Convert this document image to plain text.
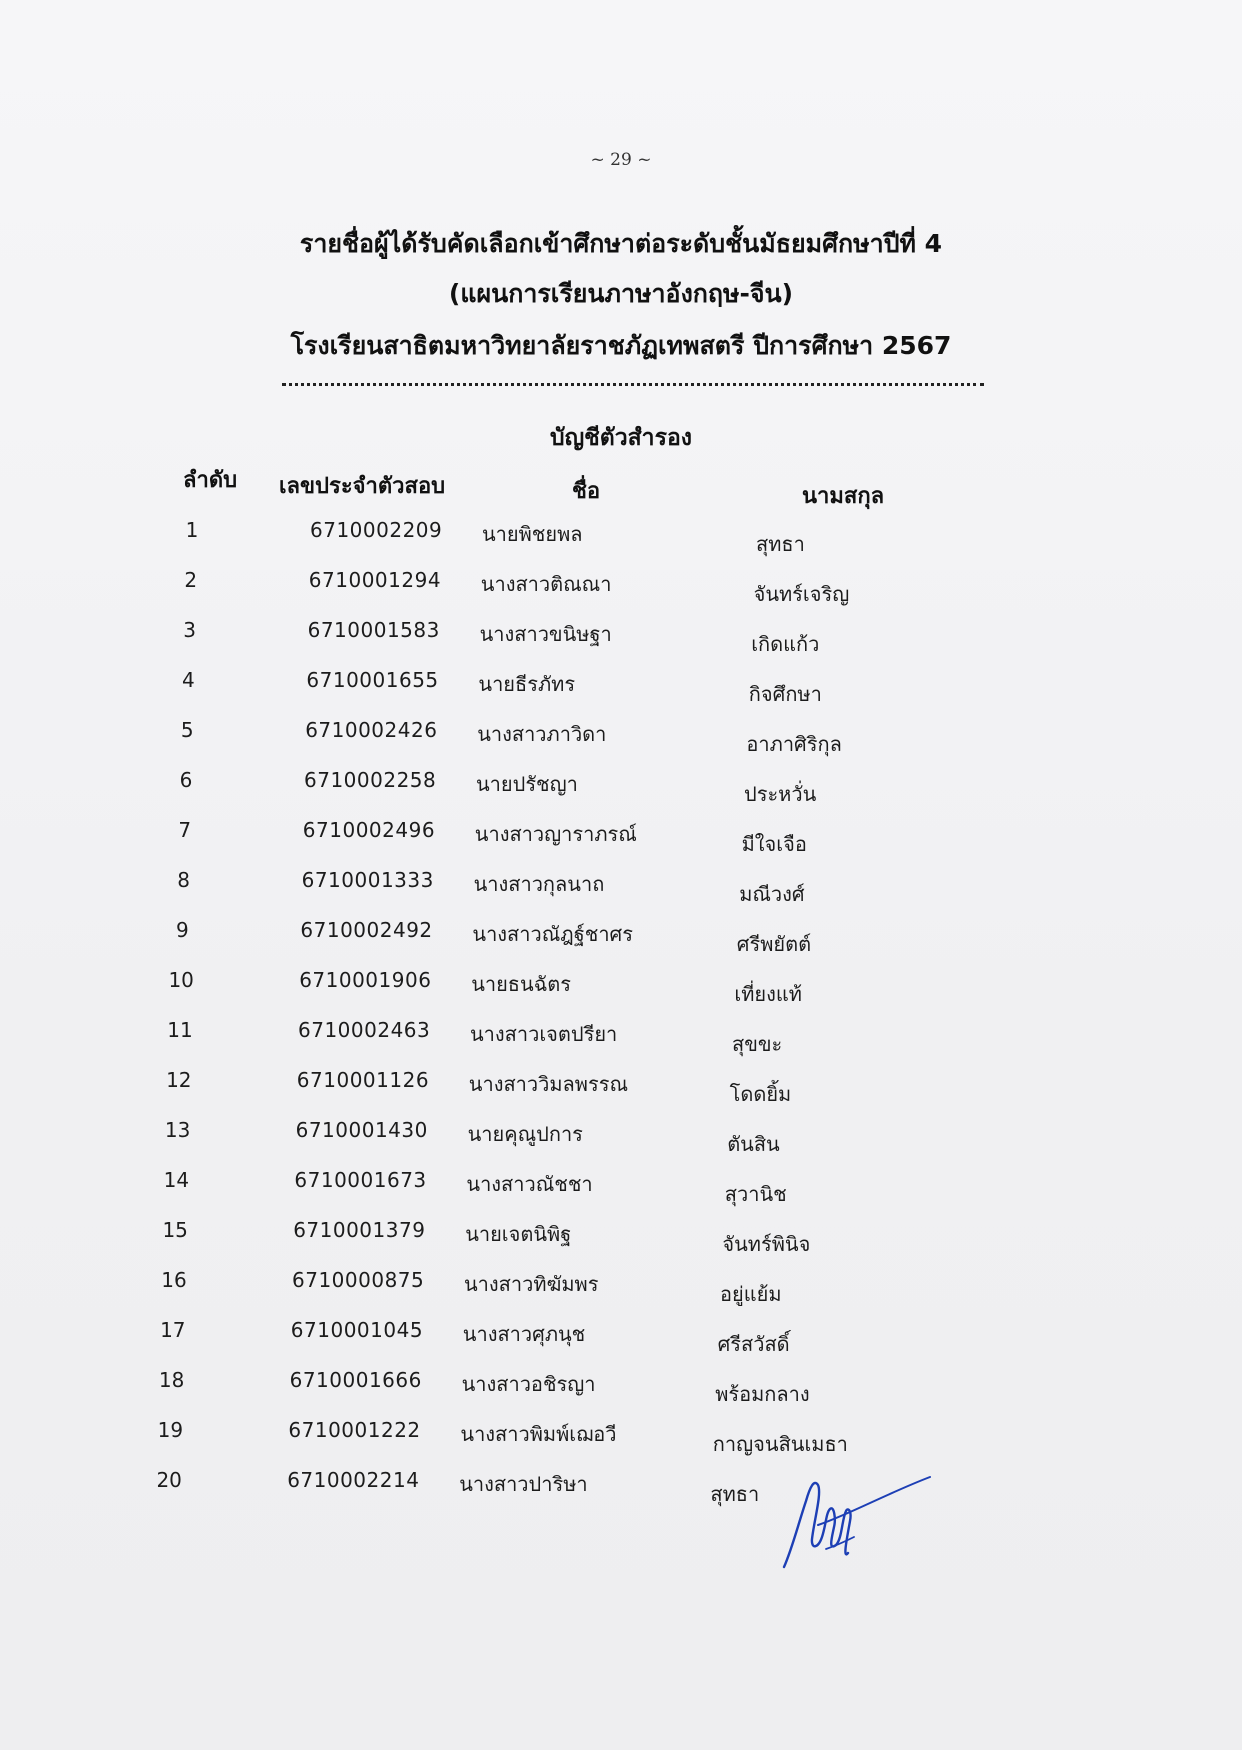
~ 29 ~
รายชื่อผู้ได้รับคัดเลือกเข้าศึกษาต่อระดับชั้นมัธยมศึกษาปีที่ 4
(แผนการเรียนภาษาอังกฤษ-จีน)
โรงเรียนสาธิตมหาวิทยาลัยราชภัฏเทพสตรี ปีการศึกษา 2567
บัญชีตัวสำรอง
ลำดับ เลขประจำตัวสอบ	ชื่อ	นามสกุล
1	6710002209 นายพิชยพล	สุทธา
2	6710001294 นางสาวติณณา	จันทร์เจริญ
3	6710001583 นางสาวขนิษฐา	เกิดแก้ว
4	6710001655 นายธีรภัทร	กิจศึกษา
5	6710002426 นางสาวภาวิดา	อาภาศิริกุล
6	6710002258 นายปรัชญา	ประหวั่น
7	6710002496 นางสาวญาราภรณ์	มีใจเจือ
8	6710001333 นางสาวกุลนาถ	มณีวงศ์
9	6710002492 นางสาวณัฎฐ์ชาศร	ศรีพยัตต์
10	6710001906 นายธนฉัตร	เที่ยงแท้
11	6710002463 นางสาวเจตปรียา	สุขขะ
12	6710001126 นางสาววิมลพรรณ	โดดยิ้ม
13	6710001430 นายคุณูปการ	ตันสิน
14	6710001673 นางสาวณัชชา	สุวานิช
15	6710001379 นายเจตนิพิฐ	จันทร์พินิจ
16	6710000875 นางสาวทิฆัมพร	อยู่แย้ม
17	6710001045 นางสาวศุภนุช	ศรีสวัสดิ์
18	6710001666 นางสาวอชิรญา	พร้อมกลาง
19	6710001222 นางสาวพิมพ์เฌอวี	กาญจนสินเมธา
20	6710002214 นางสาวปาริษา	สุทธา
